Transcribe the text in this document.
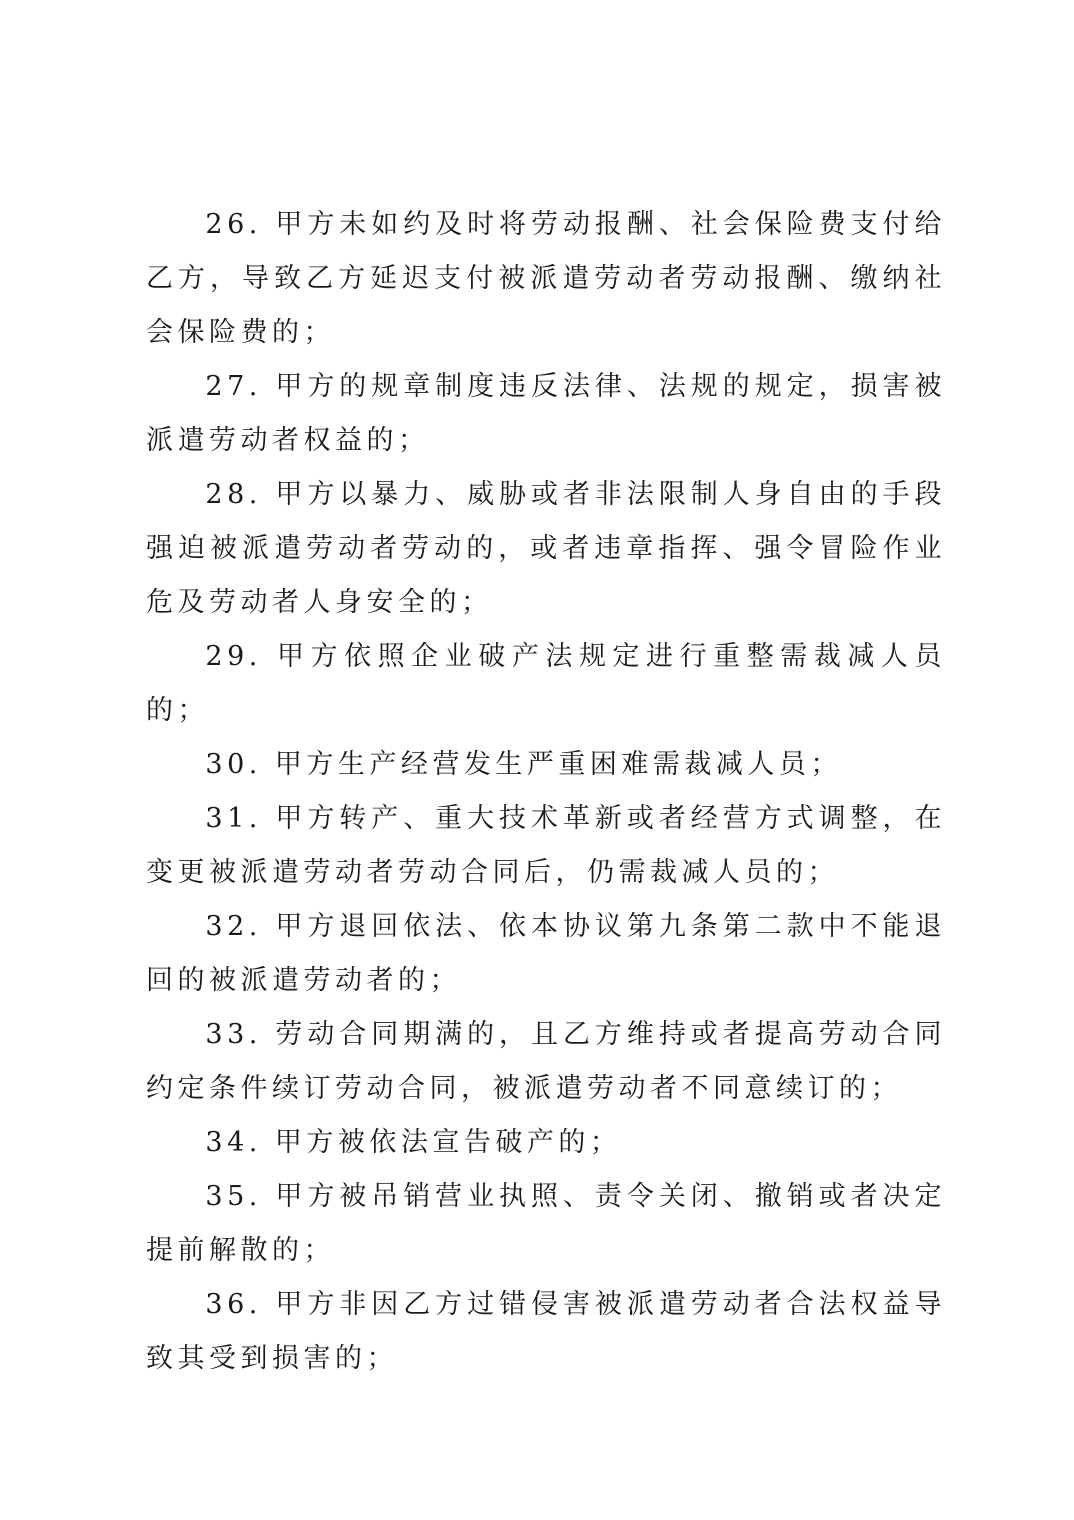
26. 甲方未如约及时将劳动报酬、社会保险费支付给乙方，导致乙方延迟支付被派遣劳动者劳动报酬、缴纳社会保险费的；

27. 甲方的规章制度违反法律、法规的规定，损害被派遣劳动者权益的；

28. 甲方以暴力、威胁或者非法限制人身自由的手段强迫被派遣劳动者劳动的，或者违章指挥、强令冒险作业危及劳动者人身安全的；

29. 甲方依照企业破产法规定进行重整需裁减人员的；

30. 甲方生产经营发生严重困难需裁减人员；

31. 甲方转产、重大技术革新或者经营方式调整，在变更被派遣劳动者劳动合同后，仍需裁减人员的；

32. 甲方退回依法、依本协议第九条第二款中不能退回的被派遣劳动者的；

33. 劳动合同期满的，且乙方维持或者提高劳动合同约定条件续订劳动合同，被派遣劳动者不同意续订的；

34. 甲方被依法宣告破产的；

35. 甲方被吊销营业执照、责令关闭、撤销或者决定提前解散的；

36. 甲方非因乙方过错侵害被派遣劳动者合法权益导致其受到损害的；
